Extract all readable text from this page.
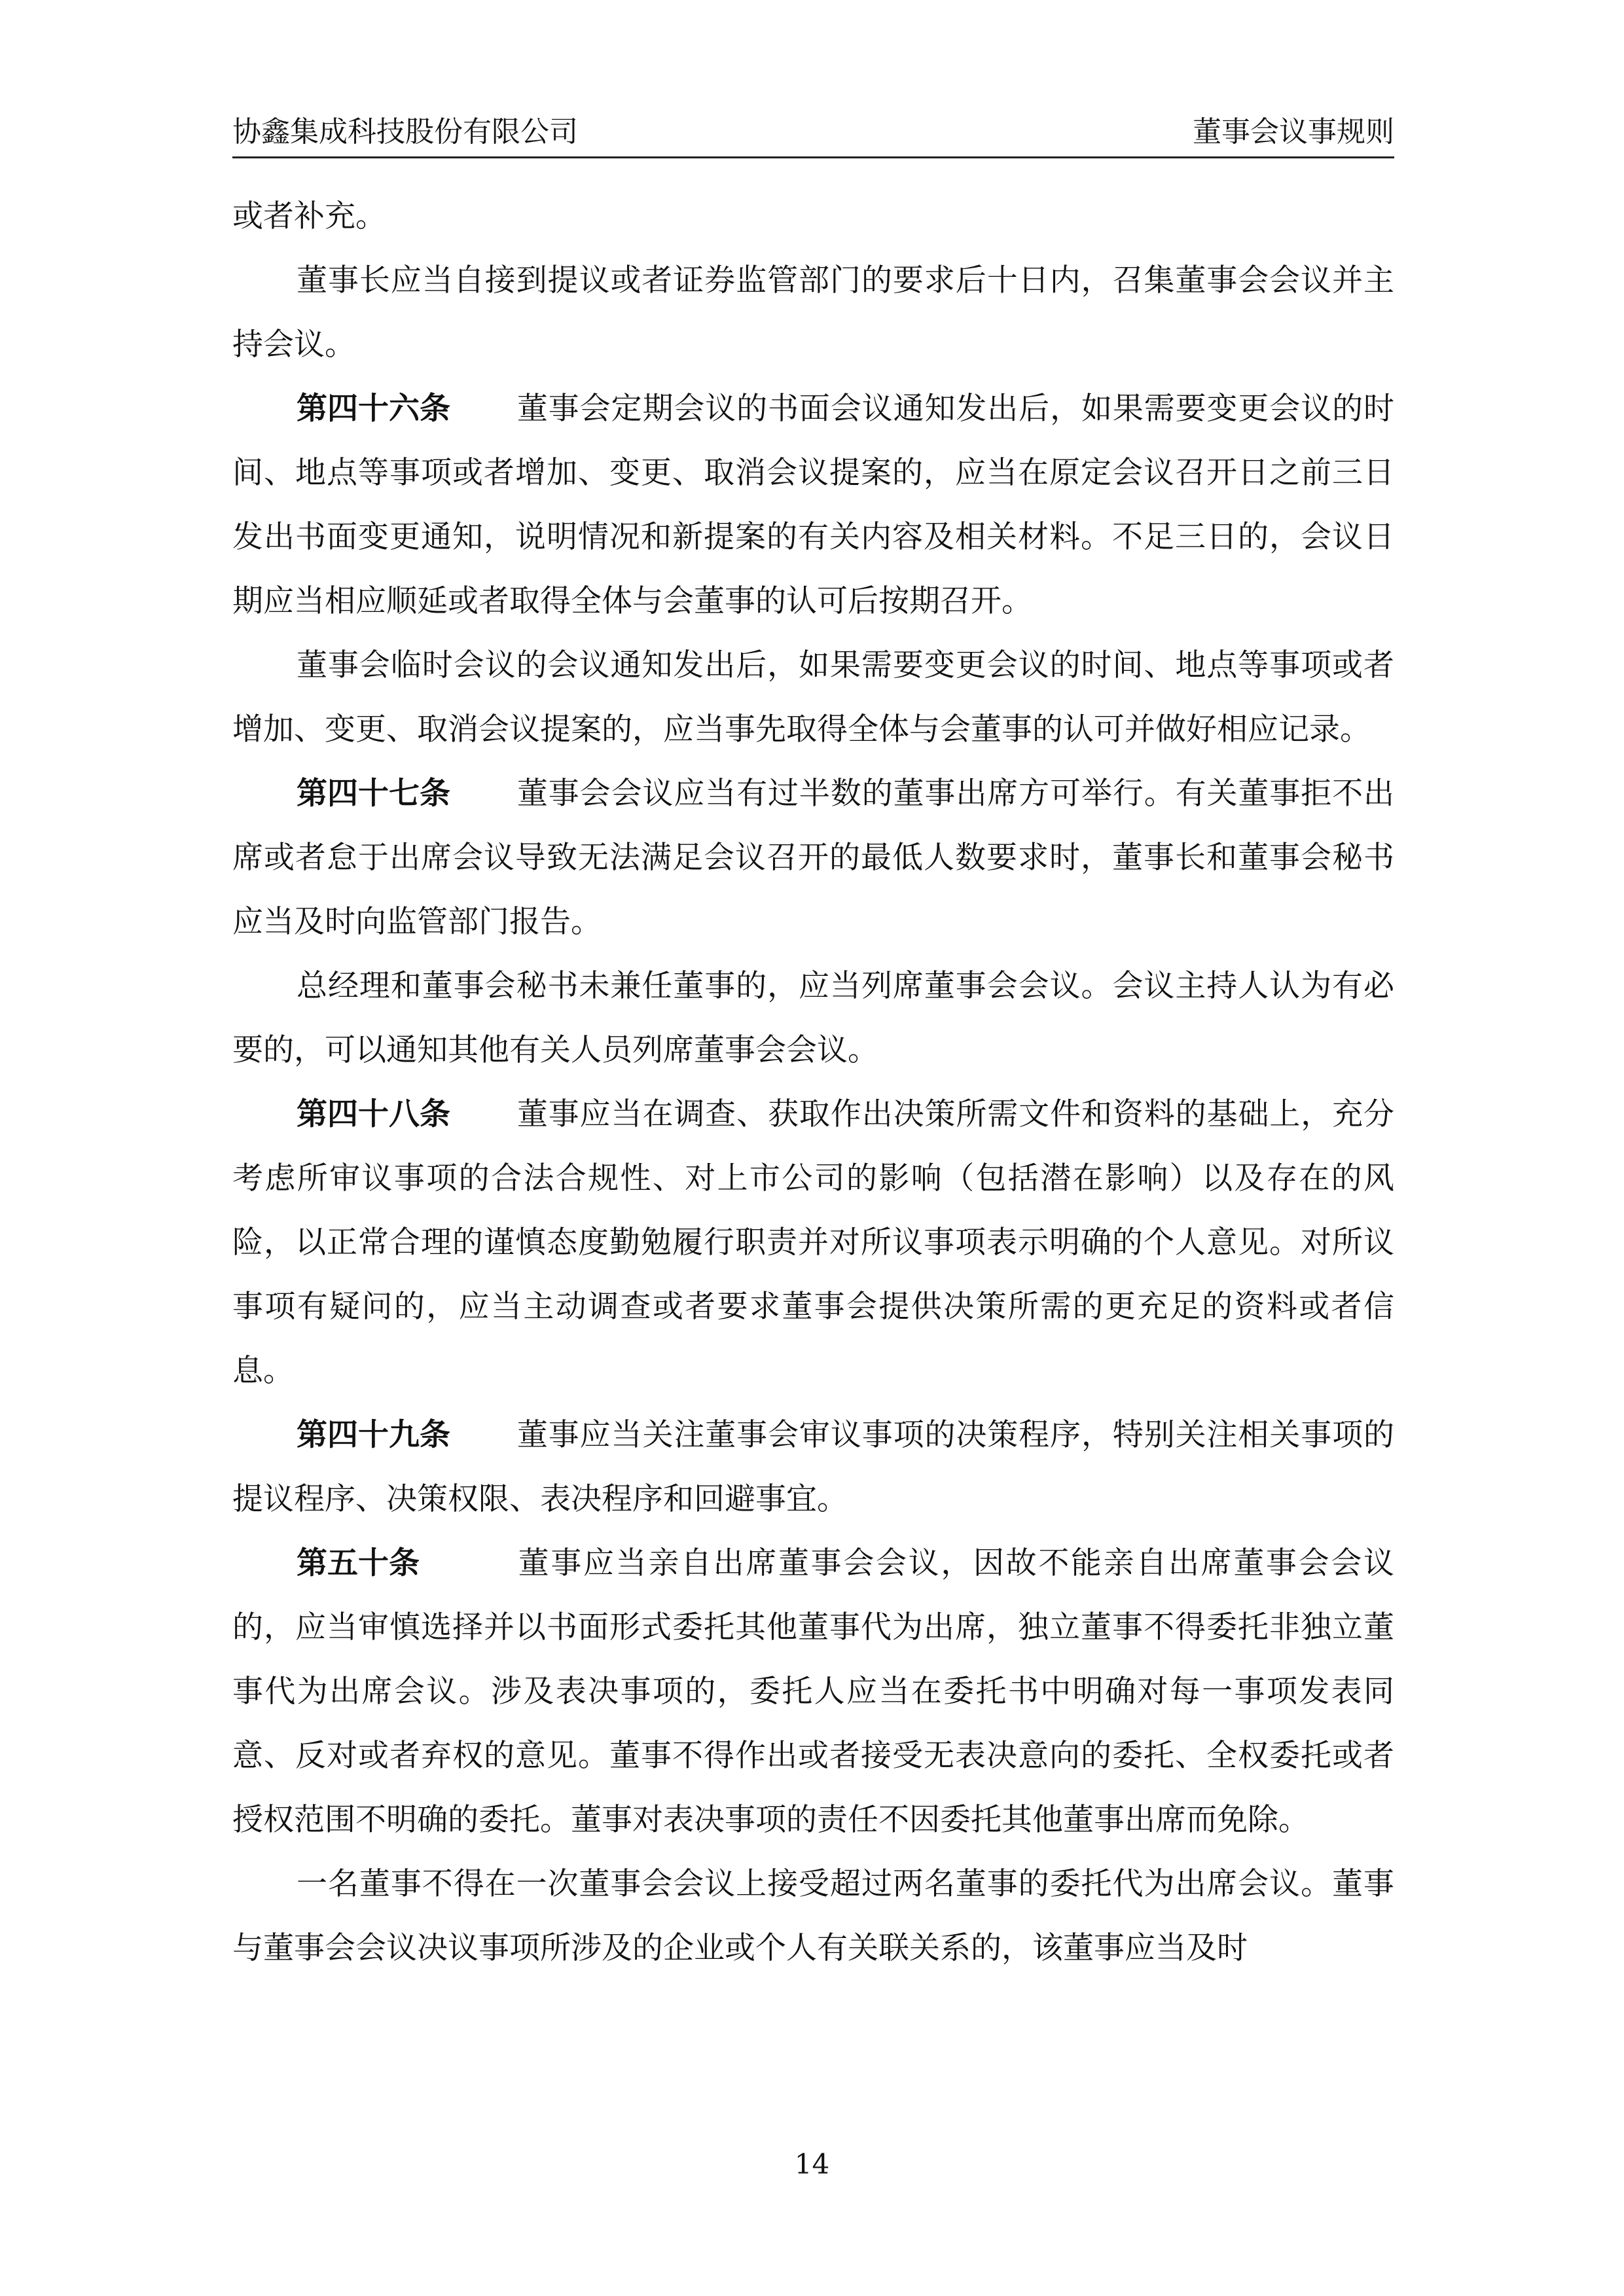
协鑫集成科技股份有限公司	董事会议事规则

或者补充。

董事长应当自接到提议或者证券监管部门的要求后十日内，召集董事会会议并主持会议。

第四十六条 董事会定期会议的书面会议通知发出后，如果需要变更会议的时间、地点等事项或者增加、变更、取消会议提案的，应当在原定会议召开日之前三日发出书面变更通知，说明情况和新提案的有关内容及相关材料。不足三日的，会议日期应当相应顺延或者取得全体与会董事的认可后按期召开。

董事会临时会议的会议通知发出后，如果需要变更会议的时间、地点等事项或者增加、变更、取消会议提案的，应当事先取得全体与会董事的认可并做好相应记录。

第四十七条 董事会会议应当有过半数的董事出席方可举行。有关董事拒不出席或者怠于出席会议导致无法满足会议召开的最低人数要求时，董事长和董事会秘书应当及时向监管部门报告。

总经理和董事会秘书未兼任董事的，应当列席董事会会议。会议主持人认为有必要的，可以通知其他有关人员列席董事会会议。

第四十八条 董事应当在调查、获取作出决策所需文件和资料的基础上，充分考虑所审议事项的合法合规性、对上市公司的影响（包括潜在影响）以及存在的风险，以正常合理的谨慎态度勤勉履行职责并对所议事项表示明确的个人意见。对所议事项有疑问的，应当主动调查或者要求董事会提供决策所需的更充足的资料或者信息。

第四十九条 董事应当关注董事会审议事项的决策程序，特别关注相关事项的提议程序、决策权限、表决程序和回避事宜。

第五十条	董事应当亲自出席董事会会议，因故不能亲自出席董事会会议的，应当审慎选择并以书面形式委托其他董事代为出席，独立董事不得委托非独立董事代为出席会议。涉及表决事项的，委托人应当在委托书中明确对每一事项发表同意、反对或者弃权的意见。董事不得作出或者接受无表决意向的委托、全权委托或者授权范围不明确的委托。董事对表决事项的责任不因委托其他董事出席而免除。

一名董事不得在一次董事会会议上接受超过两名董事的委托代为出席会议。董事与董事会会议决议事项所涉及的企业或个人有关联关系的，该董事应当及时

14
